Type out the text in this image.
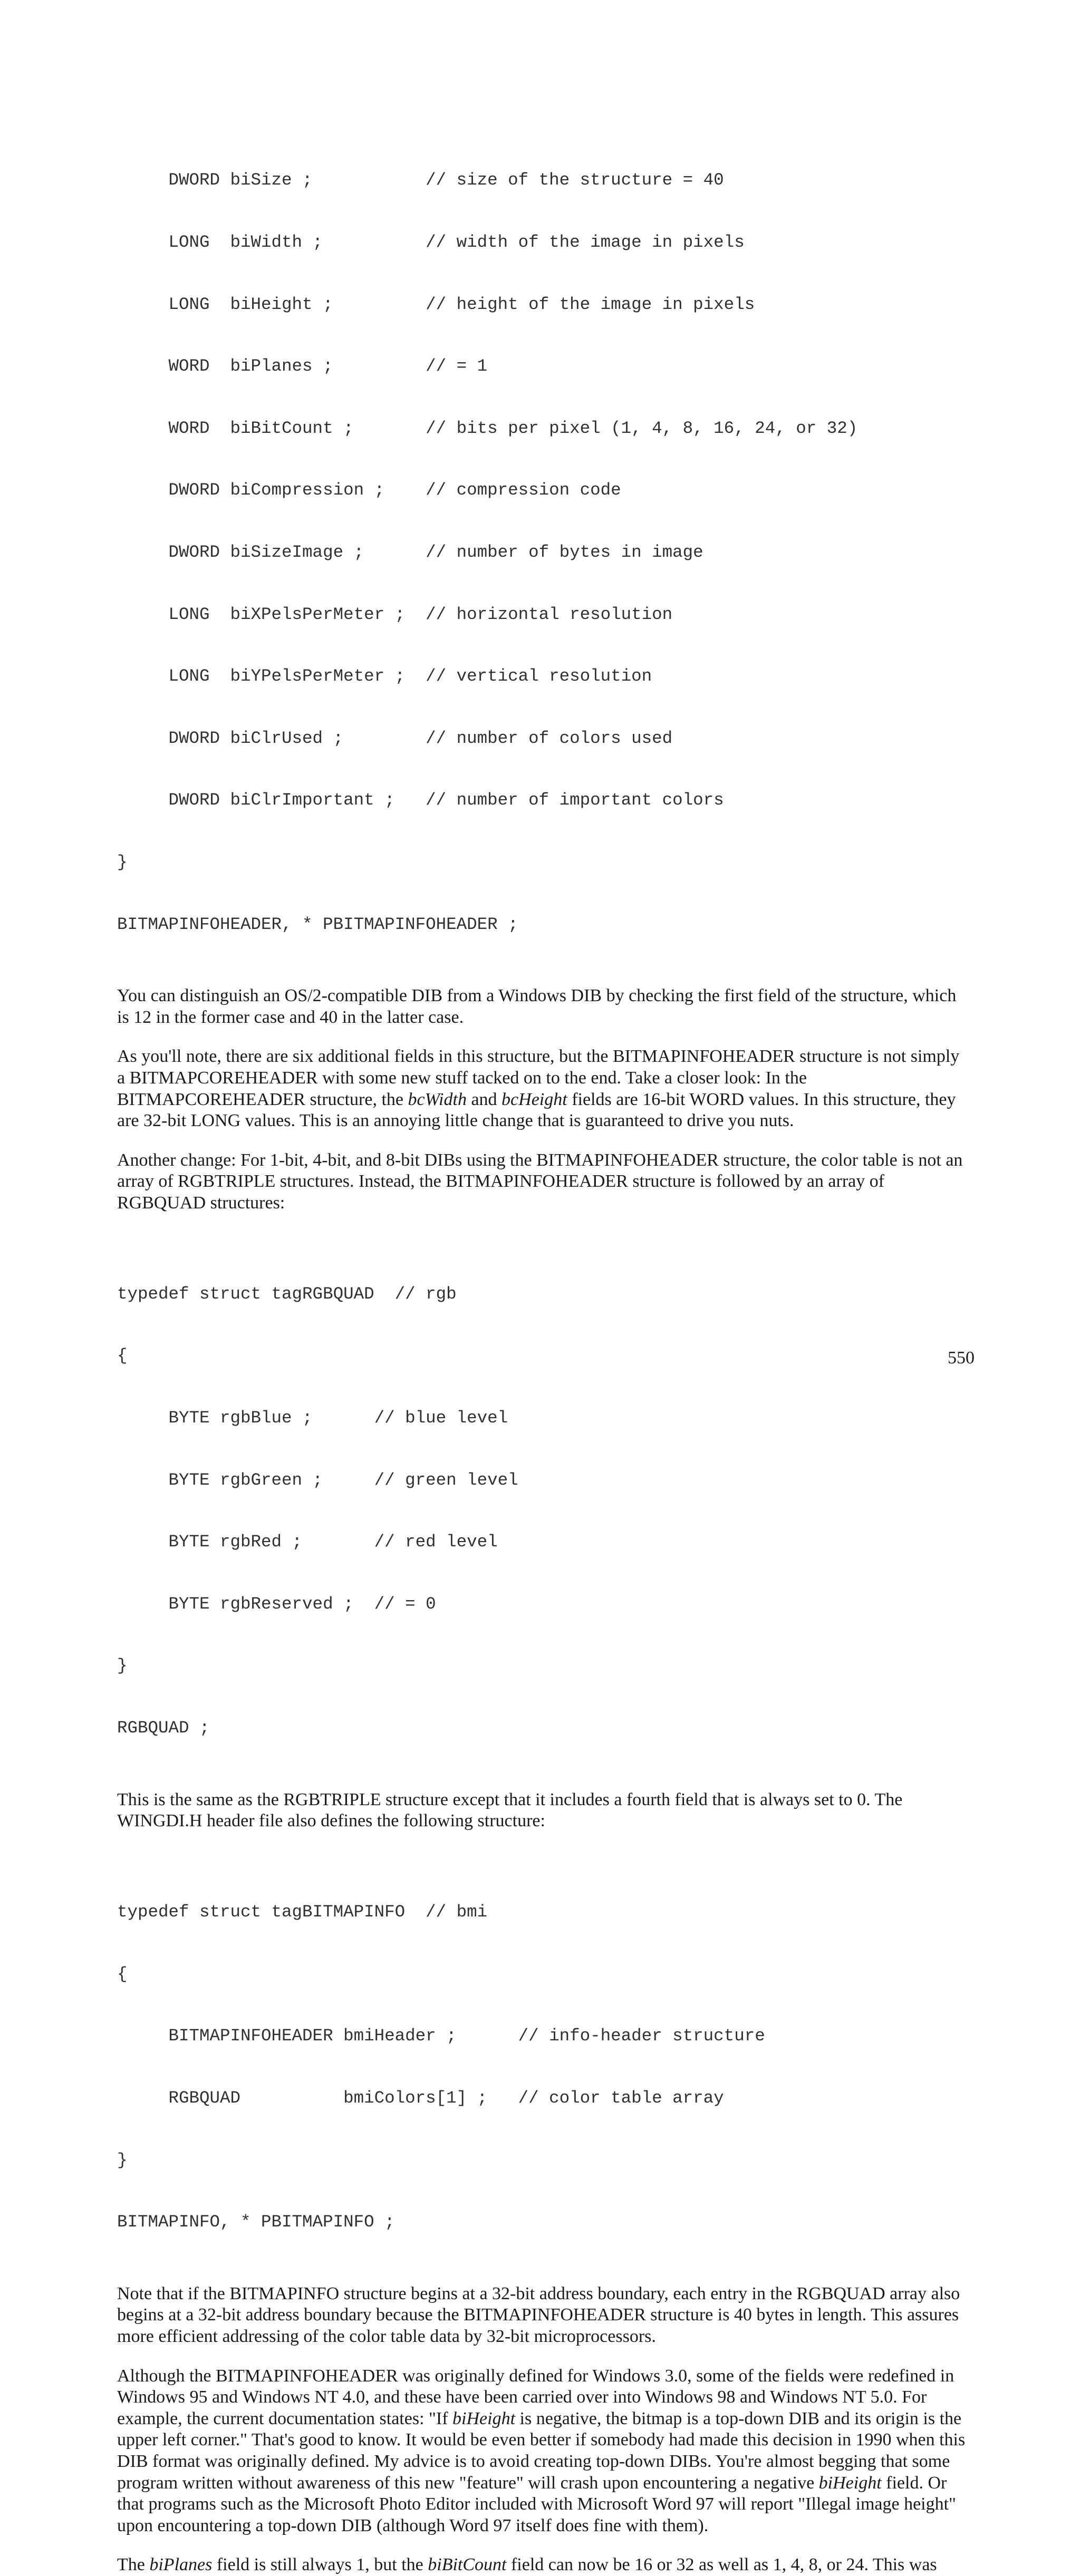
DWORD biSize ;           // size of the structure = 40

LONG  biWidth ;          // width of the image in pixels

LONG  biHeight ;         // height of the image in pixels

WORD  biPlanes ;         // = 1

WORD  biBitCount ;       // bits per pixel (1, 4, 8, 16, 24, or 32)

DWORD biCompression ;    // compression code

DWORD biSizeImage ;      // number of bytes in image

LONG  biXPelsPerMeter ;  // horizontal resolution

LONG  biYPelsPerMeter ;  // vertical resolution

DWORD biClrUsed ;        // number of colors used

DWORD biClrImportant ;   // number of important colors

}

BITMAPINFOHEADER, * PBITMAPINFOHEADER ;

You can distinguish an OS/2-compatible DIB from a Windows DIB by checking the first field of the structure, which is 12 in the former case and 40 in the latter case.

As you'll note, there are six additional fields in this structure, but the BITMAPINFOHEADER structure is not simply a BITMAPCOREHEADER with some new stuff tacked on to the end. Take a closer look: In the BITMAPCOREHEADER structure, the bcWidth and bcHeight fields are 16-bit WORD values. In this structure, they are 32-bit LONG values. This is an annoying little change that is guaranteed to drive you nuts.

Another change: For 1-bit, 4-bit, and 8-bit DIBs using the BITMAPINFOHEADER structure, the color table is not an array of RGBTRIPLE structures. Instead, the BITMAPINFOHEADER structure is followed by an array of RGBQUAD structures:

typedef struct tagRGBQUAD  // rgb

{

BYTE rgbBlue ;      // blue level

BYTE rgbGreen ;     // green level

BYTE rgbRed ;       // red level

BYTE rgbReserved ;  // = 0

}

RGBQUAD ;

This is the same as the RGBTRIPLE structure except that it includes a fourth field that is always set to 0. The WINGDI.H header file also defines the following structure:

typedef struct tagBITMAPINFO  // bmi

{

BITMAPINFOHEADER bmiHeader ;      // info-header structure

RGBQUAD          bmiColors[1] ;   // color table array

}

BITMAPINFO, * PBITMAPINFO ;

Note that if the BITMAPINFO structure begins at a 32-bit address boundary, each entry in the RGBQUAD array also begins at a 32-bit address boundary because the BITMAPINFOHEADER structure is 40 bytes in length. This assures more efficient addressing of the color table data by 32-bit microprocessors.

Although the BITMAPINFOHEADER was originally defined for Windows 3.0, some of the fields were redefined in Windows 95 and Windows NT 4.0, and these have been carried over into Windows 98 and Windows NT 5.0. For example, the current documentation states: "If biHeight is negative, the bitmap is a top-down DIB and its origin is the upper left corner." That's good to know. It would be even better if somebody had made this decision in 1990 when this DIB format was originally defined. My advice is to avoid creating top-down DIBs. You're almost begging that some program written without awareness of this new "feature" will crash upon encountering a negative biHeight field. Or that programs such as the Microsoft Photo Editor included with Microsoft Word 97 will report "Illegal image height" upon encountering a top-down DIB (although Word 97 itself does fine with them).

The biPlanes field is still always 1, but the biBitCount field can now be 16 or 32 as well as 1, 4, 8, or 24. This was

550
